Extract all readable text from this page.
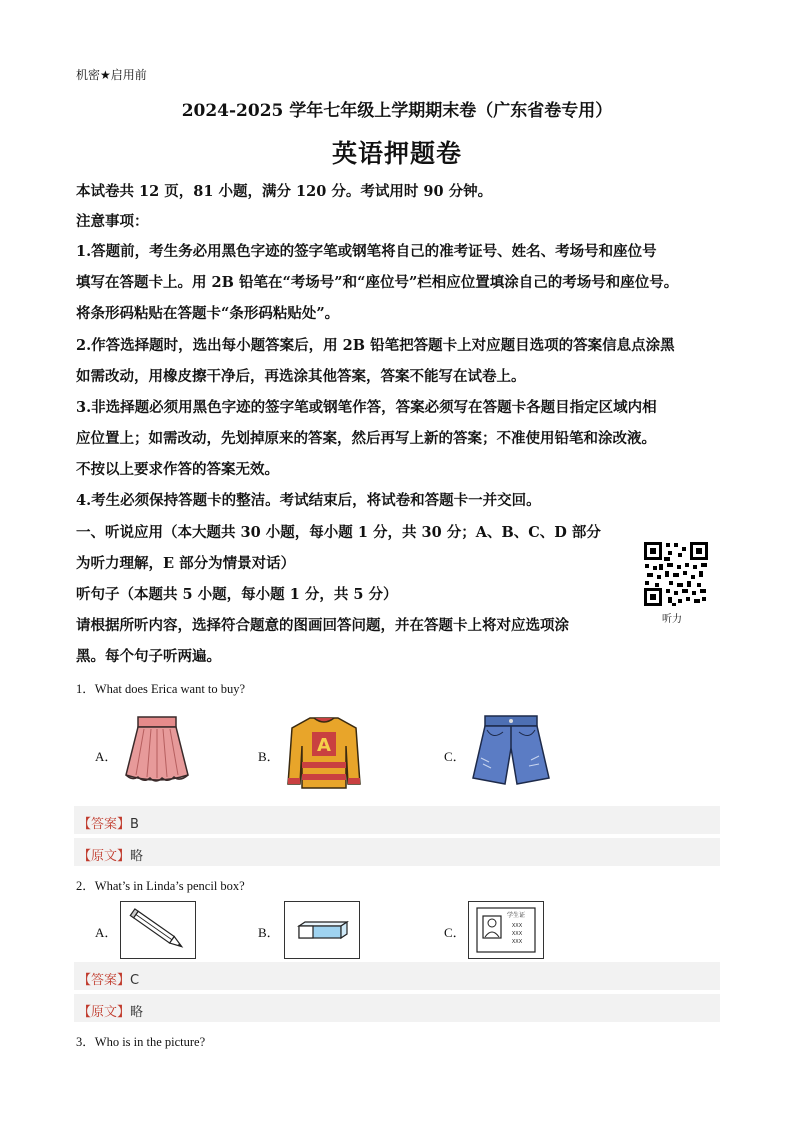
机密★启用前
2024-2025 学年七年级上学期期末卷（广东省卷专用）
英语押题卷
本试卷共 12 页，81 小题，满分 120 分。考试用时 90 分钟。
注意事项：
1.答题前，考生务必用黑色字迹的签字笔或钢笔将自己的准考证号、姓名、考场号和座位号
填写在答题卡上。用 2B 铅笔在“考场号”和“座位号”栏相应位置填涂自己的考场号和座位号。
将条形码粘贴在答题卡“条形码粘贴处”。
2.作答选择题时，选出每小题答案后，用 2B 铅笔把答题卡上对应题目选项的答案信息点涂黑
如需改动，用橡皮擦干净后，再选涂其他答案，答案不能写在试卷上。
3.非选择题必须用黑色字迹的签字笔或钢笔作答，答案必须写在答题卡各题目指定区域内相
应位置上；如需改动，先划掉原来的答案，然后再写上新的答案；不准使用铅笔和涂改液。
不按以上要求作答的答案无效。
4.考生必须保持答题卡的整洁。考试结束后，将试卷和答题卡一并交回。
一、听说应用（本大题共 30 小题，每小题 1 分，共 30 分；A、B、C、D 部分
为听力理解，E 部分为情景对话）
听句子（本题共 5 小题，每小题 1 分，共 5 分）
请根据所听内容，选择符合题意的图画回答问题，并在答题卡上将对应选项涂
黑。每个句子听两遍。
听力
1．What does Erica want to buy?
A．	B．
A
C．
【答案】B
【原文】略
2．What’s in Linda’s pencil box?
A．	B．	C．
学生证
XXX
XXX
XXX
【答案】C
【原文】略
3．Who is in the picture?
